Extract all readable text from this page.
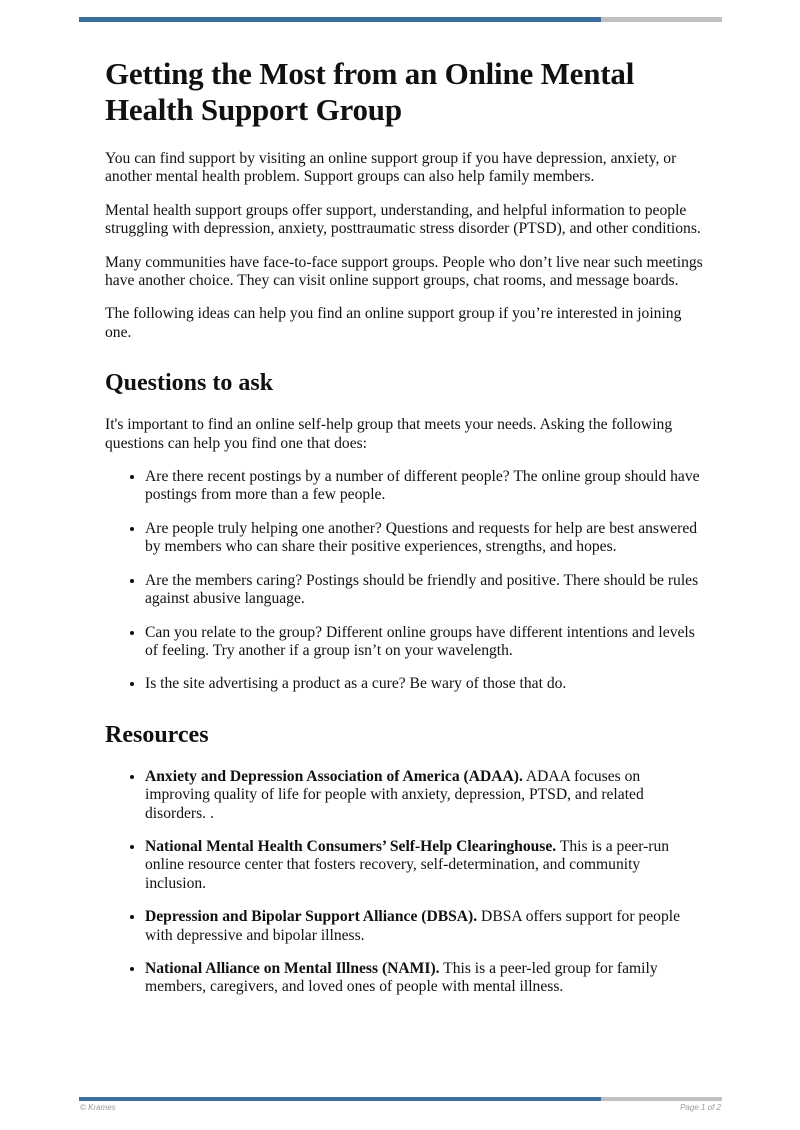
Getting the Most from an Online Mental Health Support Group

You can find support by visiting an online support group if you have depression, anxiety, or another mental health problem. Support groups can also help family members.

Mental health support groups offer support, understanding, and helpful information to people struggling with depression, anxiety, posttraumatic stress disorder (PTSD), and other conditions.

Many communities have face-to-face support groups. People who don’t live near such meetings have another choice. They can visit online support groups, chat rooms, and message boards.

The following ideas can help you find an online support group if you’re interested in joining one.

Questions to ask

It's important to find an online self-help group that meets your needs. Asking the following questions can help you find one that does:

• Are there recent postings by a number of different people? The online group should have postings from more than a few people.
• Are people truly helping one another? Questions and requests for help are best answered by members who can share their positive experiences, strengths, and hopes.
• Are the members caring? Postings should be friendly and positive. There should be rules against abusive language.
• Can you relate to the group? Different online groups have different intentions and levels of feeling. Try another if a group isn’t on your wavelength.
• Is the site advertising a product as a cure? Be wary of those that do.
Resources
• Anxiety and Depression Association of America (ADAA). ADAA focuses on improving quality of life for people with anxiety, depression, PTSD, and related disorders. .
• National Mental Health Consumers’ Self-Help Clearinghouse. This is a peer-run online resource center that fosters recovery, self-determination, and community inclusion.
• Depression and Bipolar Support Alliance (DBSA). DBSA offers support for people with depressive and bipolar illness.
• National Alliance on Mental Illness (NAMI). This is a peer-led group for family members, caregivers, and loved ones of people with mental illness.
© Krames	Page 1 of 2
